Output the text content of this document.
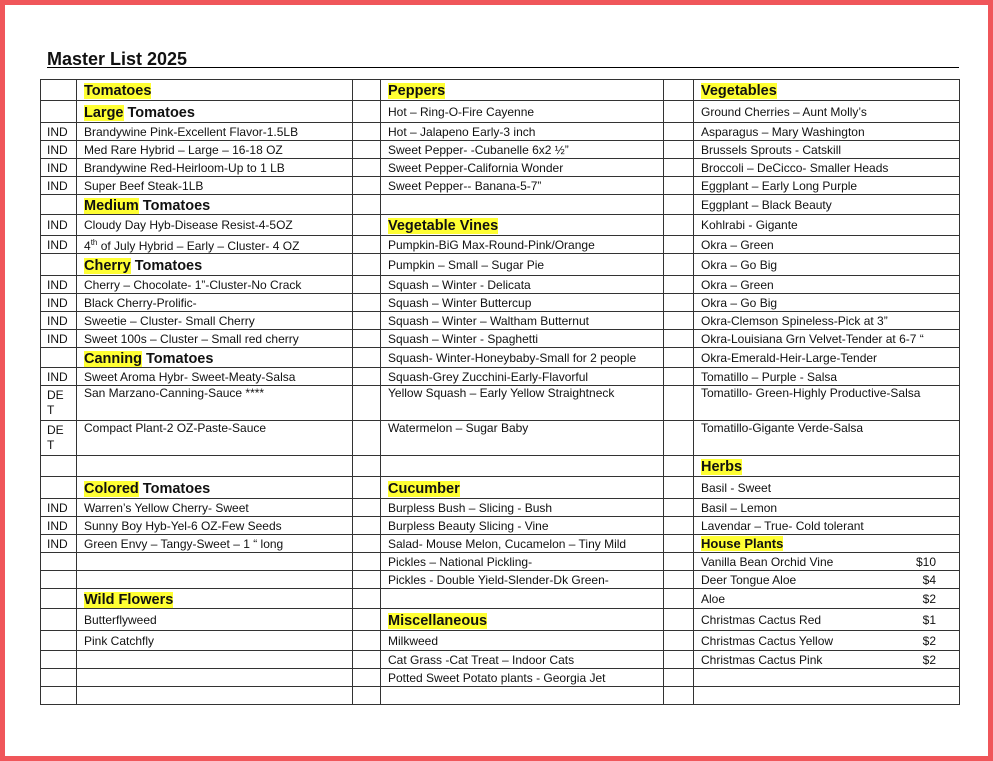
Master List 2025
	Tomatoes		Peppers		Vegetables
	Large Tomatoes		Hot – Ring-O-Fire Cayenne		Ground Cherries – Aunt Molly’s
IND	Brandywine Pink-Excellent Flavor-1.5LB		Hot – Jalapeno Early-3 inch		Asparagus – Mary Washington
IND	Med Rare Hybrid – Large – 16-18 OZ		Sweet Pepper- -Cubanelle 6x2 ½”		Brussels Sprouts - Catskill
IND	Brandywine Red-Heirloom-Up to 1 LB		Sweet Pepper-California Wonder		Broccoli – DeCicco- Smaller Heads
IND	Super Beef Steak-1LB		Sweet Pepper-- Banana-5-7”		Eggplant – Early Long Purple
	Medium Tomatoes				Eggplant – Black Beauty
IND	Cloudy Day Hyb-Disease Resist-4-5OZ		Vegetable Vines		Kohlrabi - Gigante
IND	4th of July Hybrid – Early – Cluster- 4 OZ		Pumpkin-BiG Max-Round-Pink/Orange		Okra – Green
	Cherry Tomatoes		Pumpkin – Small – Sugar Pie		Okra – Go Big
IND	Cherry – Chocolate- 1”-Cluster-No Crack		Squash – Winter - Delicata		Okra – Green
IND	Black Cherry-Prolific-		Squash – Winter Buttercup		Okra – Go Big
IND	Sweetie – Cluster- Small Cherry		Squash – Winter – Waltham Butternut		Okra-Clemson Spineless-Pick at 3”
IND	Sweet 100s – Cluster – Small red cherry		Squash – Winter - Spaghetti		Okra-Louisiana Grn Velvet-Tender at 6-7 “
	Canning Tomatoes		Squash- Winter-Honeybaby-Small for 2 people		Okra-Emerald-Heir-Large-Tender
IND	Sweet Aroma Hybr- Sweet-Meaty-Salsa		Squash-Grey Zucchini-Early-Flavorful		Tomatillo – Purple - Salsa
DET	San Marzano-Canning-Sauce ****		Yellow Squash – Early Yellow Straightneck		Tomatillo- Green-Highly Productive-Salsa
DET	Compact Plant-2 OZ-Paste-Sauce		Watermelon – Sugar Baby		Tomatillo-Gigante Verde-Salsa
					Herbs
	Colored Tomatoes		Cucumber		Basil - Sweet
IND	Warren’s Yellow Cherry- Sweet		Burpless Bush – Slicing - Bush		Basil – Lemon
IND	Sunny Boy Hyb-Yel-6 OZ-Few Seeds		Burpless Beauty Slicing - Vine		Lavendar – True- Cold tolerant
IND	Green Envy – Tangy-Sweet – 1 “ long		Salad- Mouse Melon, Cucamelon – Tiny Mild		House Plants
			Pickles – National Pickling-		Vanilla Bean Orchid Vine $10

			Pickles - Double Yield-Slender-Dk Green-		Deer Tongue Aloe $4

	Wild Flowers				Aloe $2

	Butterflyweed		Miscellaneous		Christmas Cactus Red $1

	Pink Catchfly		Milkweed		Christmas Cactus Yellow $2

			Cat Grass -Cat Treat – Indoor Cats		Christmas Cactus Pink $2

			Potted Sweet Potato plants - Georgia Jet		
